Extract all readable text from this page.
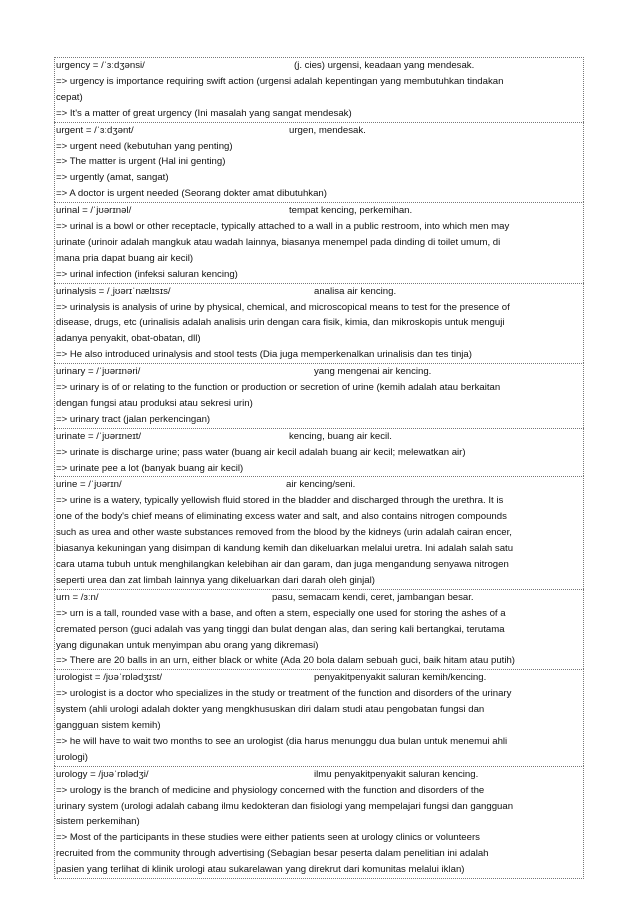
urgency = /ˈɜːdʒənsi/	(j. cies) urgensi, keadaan yang mendesak.
=> urgency is importance requiring swift action (urgensi adalah kepentingan yang membutuhkan tindakan
cepat)
=> It's a matter of great urgency (Ini masalah yang sangat mendesak)
urgent = /ˈɜːdʒənt/	urgen, mendesak.
=> urgent need (kebutuhan yang penting)
=> The matter is urgent (Hal ini genting)
=> urgently (amat, sangat)
=> A doctor is urgent needed (Seorang dokter amat dibutuhkan)
urinal = /ˈjʊərɪnəl/	tempat kencing, perkemihan.
=> urinal is a bowl or other receptacle, typically attached to a wall in a public restroom, into which men may
urinate (urinoir adalah mangkuk atau wadah lainnya, biasanya menempel pada dinding di toilet umum, di
mana pria dapat buang air kecil)
=> urinal infection (infeksi saluran kencing)
urinalysis = /ˌjʊərɪˈnælɪsɪs/	analisa air kencing.
=> urinalysis is analysis of urine by physical, chemical, and microscopical means to test for the presence of
disease, drugs, etc (urinalisis adalah analisis urin dengan cara fisik, kimia, dan mikroskopis untuk menguji
adanya penyakit, obat-obatan, dll)
=> He also introduced urinalysis and stool tests (Dia juga memperkenalkan urinalisis dan tes tinja)
urinary = /ˈjʊərɪnəri/	yang mengenai air kencing.
=> urinary is of or relating to the function or production or secretion of urine (kemih adalah atau berkaitan
dengan fungsi atau produksi atau sekresi urin)
=> urinary tract (jalan perkencingan)
urinate = /ˈjʊərɪneɪt/	kencing, buang air kecil.
=> urinate is discharge urine; pass water (buang air kecil adalah buang air kecil; melewatkan air)
=> urinate pee a lot (banyak buang air kecil)
urine = /ˈjʊərɪn/	air kencing/seni.
=> urine is a watery, typically yellowish fluid stored in the bladder and discharged through the urethra. It is
one of the body's chief means of eliminating excess water and salt, and also contains nitrogen compounds
such as urea and other waste substances removed from the blood by the kidneys (urin adalah cairan encer,
biasanya kekuningan yang disimpan di kandung kemih dan dikeluarkan melalui uretra. Ini adalah salah satu
cara utama tubuh untuk menghilangkan kelebihan air dan garam, dan juga mengandung senyawa nitrogen
seperti urea dan zat limbah lainnya yang dikeluarkan dari darah oleh ginjal)
urn = /ɜːn/	pasu, semacam kendi, ceret, jambangan besar.
=> urn is a tall, rounded vase with a base, and often a stem, especially one used for storing the ashes of a
cremated person (guci adalah vas yang tinggi dan bulat dengan alas, dan sering kali bertangkai, terutama
yang digunakan untuk menyimpan abu orang yang dikremasi)
=> There are 20 balls in an urn, either black or white (Ada 20 bola dalam sebuah guci, baik hitam atau putih)
urologist = /jʊəˈrɒlədʒɪst/	penyakitpenyakit saluran kemih/kencing.
=> urologist is a doctor who specializes in the study or treatment of the function and disorders of the urinary
system (ahli urologi adalah dokter yang mengkhususkan diri dalam studi atau pengobatan fungsi dan
gangguan sistem kemih)
=> he will have to wait two months to see an urologist (dia harus menunggu dua bulan untuk menemui ahli
urologi)
urology = /jʊəˈrɒlədʒi/	ilmu penyakitpenyakit saluran kencing.
=> urology is the branch of medicine and physiology concerned with the function and disorders of the
urinary system (urologi adalah cabang ilmu kedokteran dan fisiologi yang mempelajari fungsi dan gangguan
sistem perkemihan)
=> Most of the participants in these studies were either patients seen at urology clinics or volunteers
recruited from the community through advertising (Sebagian besar peserta dalam penelitian ini adalah
pasien yang terlihat di klinik urologi atau sukarelawan yang direkrut dari komunitas melalui iklan)
